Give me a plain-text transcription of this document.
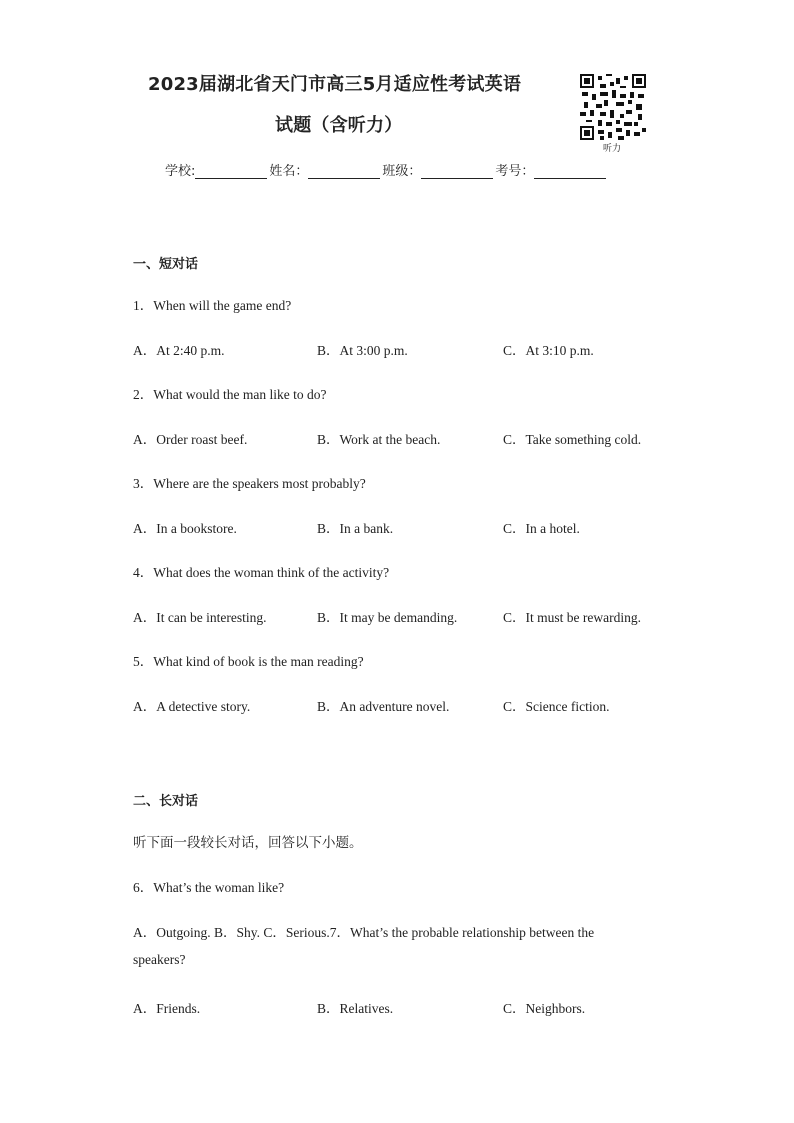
2023届湖北省天门市高三5月适应性考试英语
试题（含听力）
听力
学校:	姓名：	班级：	考号：
一、短对话
1．When will the game end?
A．At 2:40 p.m.	B．At 3:00 p.m.	C．At 3:10 p.m.
2．What would the man like to do?
A．Order roast beef.	B．Work at the beach.	C．Take something cold.
3．Where are the speakers most probably?
A．In a bookstore.	B．In a bank.	C．In a hotel.
4．What does the woman think of the activity?
A．It can be interesting.	B．It may be demanding.	C．It must be rewarding.
5．What kind of book is the man reading?
A．A detective story.	B．An adventure novel.	C．Science fiction.
二、长对话
听下面一段较长对话，回答以下小题。
6．What’s the woman like?
A．Outgoing. B．Shy. C．Serious.7．What’s the probable relationship between the
speakers?
A．Friends.	B．Relatives.	C．Neighbors.
